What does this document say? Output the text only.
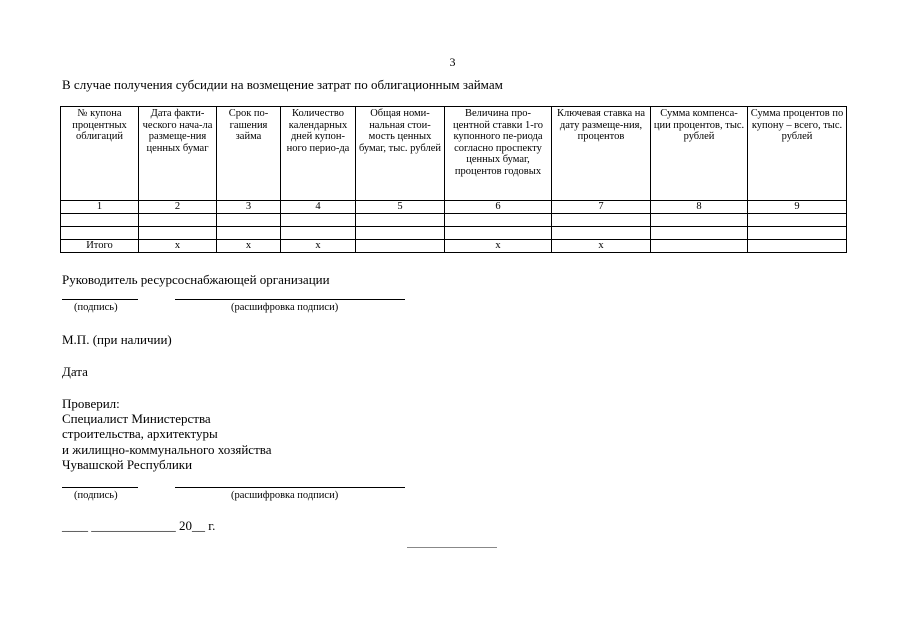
3
В случае получения субсидии на возмещение затрат по облигационным займам
№ купона процентных облигаций	Дата факти-ческого нача-ла размеще-ния ценных бумаг	Срок по-гашения займа	Количество календарных дней купон-ного перио-да	Общая номи-нальная стои-мость ценных бумаг, тыс. рублей	Величина про-центной ставки 1-го купонного пе-риода согласно проспекту ценных бумаг, процентов годовых	Ключевая ставка на дату размеще-ния, процентов	Сумма компенса-ции процентов, тыс. рублей	Сумма процентов по купону – всего, тыс. рублей
1	2	3	4	5	6	7	8	9

Итого	х	х	х		х	х		
Руководитель ресурсоснабжающей организации
(подпись)	(расшифровка подписи)
М.П. (при наличии)
Дата
Проверил:
Специалист Министерства
строительства, архитектуры
и жилищно-коммунального хозяйства
Чувашской Республики
(подпись)	(расшифровка подписи)
____ _____________ 20__ г.
